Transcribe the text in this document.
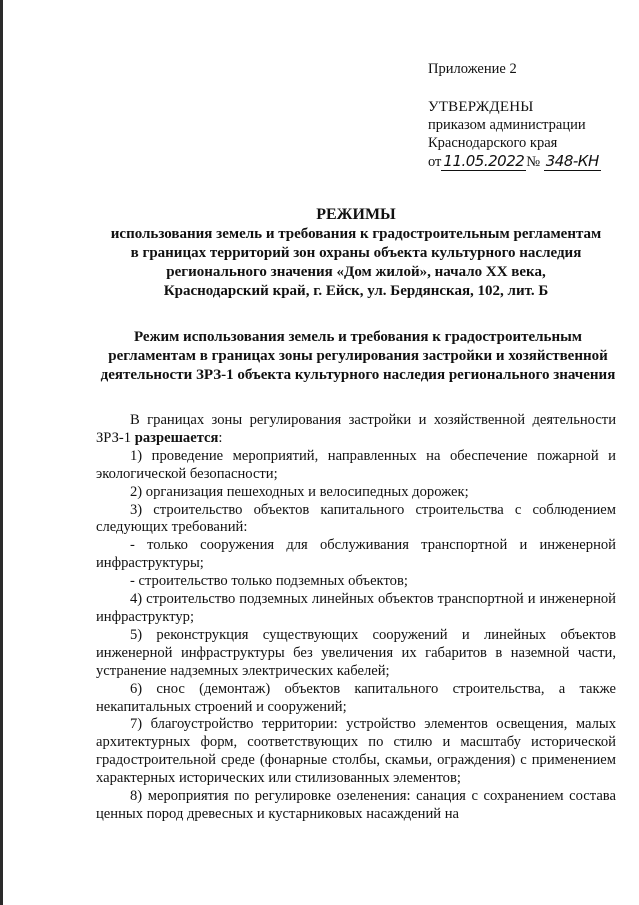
Приложение 2
УТВЕРЖДЕНЫ
приказом администрации
Краснодарского края
от 11.05.2022 № 348-КН
РЕЖИМЫ
использования земель и требования к градостроительным регламентам
в границах территорий зон охраны объекта культурного наследия
регионального значения «Дом жилой», начало XX века,
Краснодарский край, г. Ейск, ул. Бердянская, 102, лит. Б
Режим использования земель и требования к градостроительным регламентам в границах зоны регулирования застройки и хозяйственной деятельности ЗРЗ-1 объекта культурного наследия регионального значения

В границах зоны регулирования застройки и хозяйственной деятельности ЗРЗ-1 разрешается:

1) проведение мероприятий, направленных на обеспечение пожарной и экологической безопасности;

2) организация пешеходных и велосипедных дорожек;

3) строительство объектов капитального строительства с соблюдением следующих требований:

- только сооружения для обслуживания транспортной и инженерной инфраструктуры;

- строительство только подземных объектов;

4) строительство подземных линейных объектов транспортной и инженерной инфраструктур;

5) реконструкция существующих сооружений и линейных объектов инженерной инфраструктуры без увеличения их габаритов в наземной части, устранение надземных электрических кабелей;

6) снос (демонтаж) объектов капитального строительства, а также некапитальных строений и сооружений;

7) благоустройство территории: устройство элементов освещения, малых архитектурных форм, соответствующих по стилю и масштабу исторической градостроительной среде (фонарные столбы, скамьи, ограждения) с применением характерных исторических или стилизованных элементов;

8) мероприятия по регулировке озеленения: санация с сохранением состава ценных пород древесных и кустарниковых насаждений на
